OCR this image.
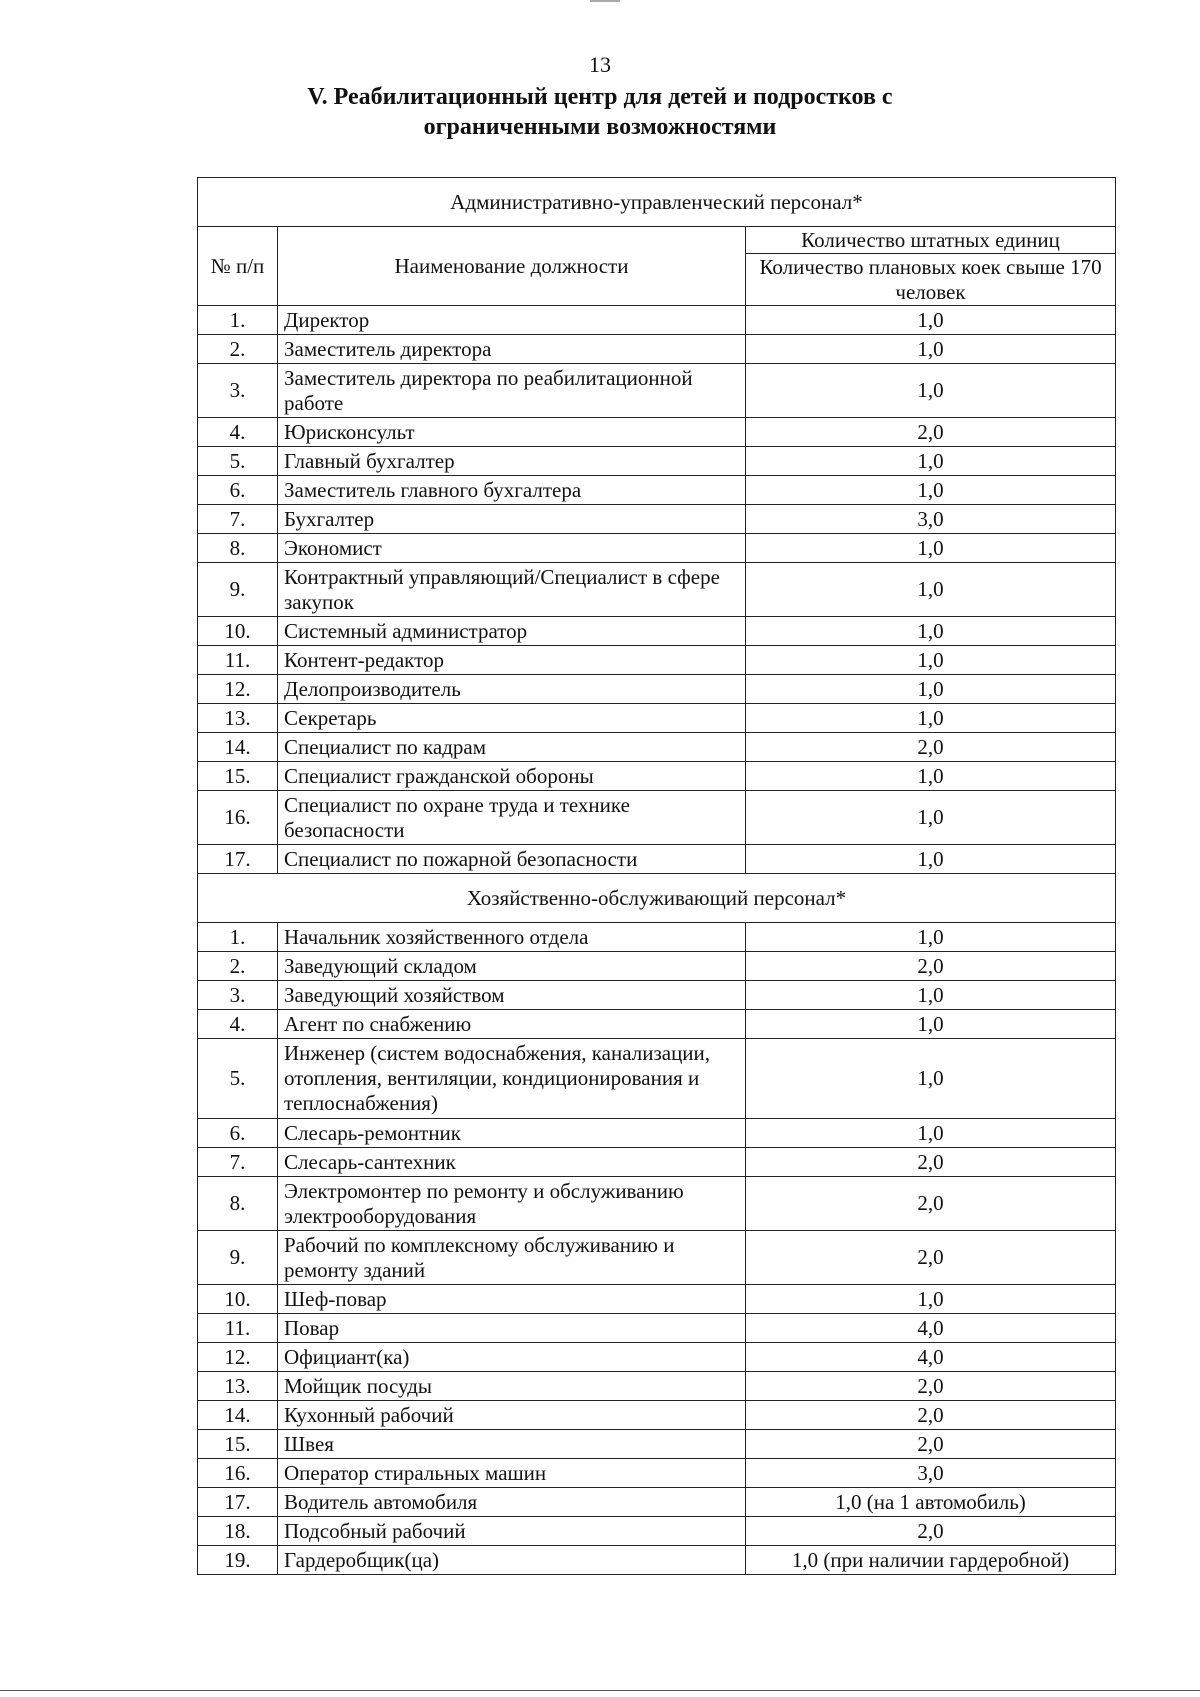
13
V. Реабилитационный центр для детей и подростков с
ограниченными возможностями
Административно-управленческий персонал*		
№ п/п	Наименование должности	Количество штатных единиц
		Количество плановых коек свыше 170 человек
1.	Директор	1,0
2.	Заместитель директора	1,0
3.	Заместитель директора по реабилитационной работе	1,0
4.	Юрисконсульт	2,0
5.	Главный бухгалтер	1,0
6.	Заместитель главного бухгалтера	1,0
7.	Бухгалтер	3,0
8.	Экономист	1,0
9.	Контрактный управляющий/Специалист в сфере закупок	1,0
10.	Системный администратор	1,0
11.	Контент-редактор	1,0
12.	Делопроизводитель	1,0
13.	Секретарь	1,0
14.	Специалист по кадрам	2,0
15.	Специалист гражданской обороны	1,0
16.	Специалист по охране труда и технике безопасности	1,0
17.	Специалист по пожарной безопасности	1,0
Хозяйственно-обслуживающий персонал*		
1.	Начальник хозяйственного отдела	1,0
2.	Заведующий складом	2,0
3.	Заведующий хозяйством	1,0
4.	Агент по снабжению	1,0
5.	Инженер (систем водоснабжения, канализации, отопления, вентиляции, кондиционирования и теплоснабжения)	1,0
6.	Слесарь-ремонтник	1,0
7.	Слесарь-сантехник	2,0
8.	Электромонтер по ремонту и обслуживанию электрооборудования	2,0
9.	Рабочий по комплексному обслуживанию и ремонту зданий	2,0
10.	Шеф-повар	1,0
11.	Повар	4,0
12.	Официант(ка)	4,0
13.	Мойщик посуды	2,0
14.	Кухонный рабочий	2,0
15.	Швея	2,0
16.	Оператор стиральных машин	3,0
17.	Водитель автомобиля	1,0 (на 1 автомобиль)
18.	Подсобный рабочий	2,0
19.	Гардеробщик(ца)	1,0 (при наличии гардеробной)
